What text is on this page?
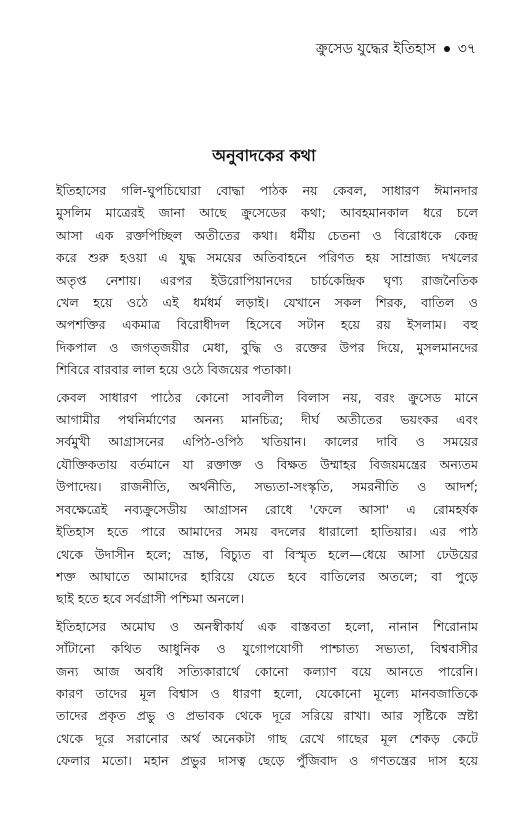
ক্রুসেড যুদ্ধের ইতিহাস ৩৭
অনুবাদকের কথা

ইতিহাসের গলি-ঘুপচিঘোরা বোদ্ধা পাঠক নয় কেবল, সাধারণ ঈমানদার
মুসলিম মাত্রেরই জানা আছে ক্রুসেডের কথা; আবহমানকাল ধরে চলে
আসা এক রক্তপিচ্ছিল অতীতের কথা। ধর্মীয় চেতনা ও বিরোধকে কেন্দ্র
করে শুরু হওয়া এ যুদ্ধ সময়ের অতিবাহনে পরিণত হয় সাম্রাজ্য দখলের
অতৃপ্ত নেশায়। এরপর ইউরোপিয়ানদের চার্চকেন্দ্রিক ঘৃণ্য রাজনৈতিক
খেল হয়ে ওঠে এই ধর্মধর্ম লড়াই। যেখানে সকল শিরক, বাতিল ও
অপশক্তির একমাত্র বিরোধীদল হিসেবে সটান হয়ে রয় ইসলাম। বহু
দিকপাল ও জগত্জয়ীর মেধা, বুদ্ধি ও রক্তের উপর দিয়ে, মুসলমানদের
শিবিরে বারবার লাল হয়ে ওঠে বিজয়ের পতাকা।

কেবল সাধারণ পাঠের কোনো সাবলীল বিলাস নয়, বরং ক্রুসেড মানে
আগামীর পথনির্মাণের অনন্য মানচিত্র; দীর্ঘ অতীতের ভয়ংকর এবং
সর্বমুখী আগ্রাসনের এপিঠ-ওপিঠ খতিয়ান। কালের দাবি ও সময়ের
যৌক্তিকতায় বর্তমানে যা রক্তাক্ত ও বিক্ষত উম্মাহর বিজয়মন্ত্রের অন্যতম
উপাদেয়। রাজনীতি, অর্থনীতি, সভ্যতা-সংস্কৃতি, সমরনীতি ও আদর্শ;
সবক্ষেত্রেই নব্যক্রুসেডীয় আগ্রাসন রোধে 'ফেলে আসা' এ রোমহর্ষক
ইতিহাস হতে পারে আমাদের সময় বদলের ধারালো হাতিয়ার। এর পাঠ
থেকে উদাসীন হলে; ভ্রান্ত, বিচ্যুত বা বিস্মৃত হলে—ধেয়ে আসা ঢেউয়ের
শক্ত আঘাতে আমাদের হারিয়ে যেতে হবে বাতিলের অতলে; বা পুড়ে
ছাই হতে হবে সর্বগ্রাসী পশ্চিমা অনলে।

ইতিহাসের অমোঘ ও অনস্বীকার্য এক বাস্তবতা হলো, নানান শিরোনাম
সাঁটানো কথিত আধুনিক ও যুগোপযোগী পাশ্চাত্য সভ্যতা, বিশ্ববাসীর
জন্য আজ অবধি সত্যিকারার্থে কোনো কল্যাণ বয়ে আনতে পারেনি।
কারণ তাদের মূল বিশ্বাস ও ধারণা হলো, যেকোনো মূল্যে মানবজাতিকে
তাদের প্রকৃত প্রভু ও প্রভাবক থেকে দূরে সরিয়ে রাখা। আর সৃষ্টিকে স্রষ্টা
থেকে দূরে সরানোর অর্থ অনেকটা গাছ রেখে গাছের মূল শেকড় কেটে
ফেলার মতো। মহান প্রভুর দাসত্ব ছেড়ে পুঁজিবাদ ও গণতন্ত্রের দাস হয়ে
